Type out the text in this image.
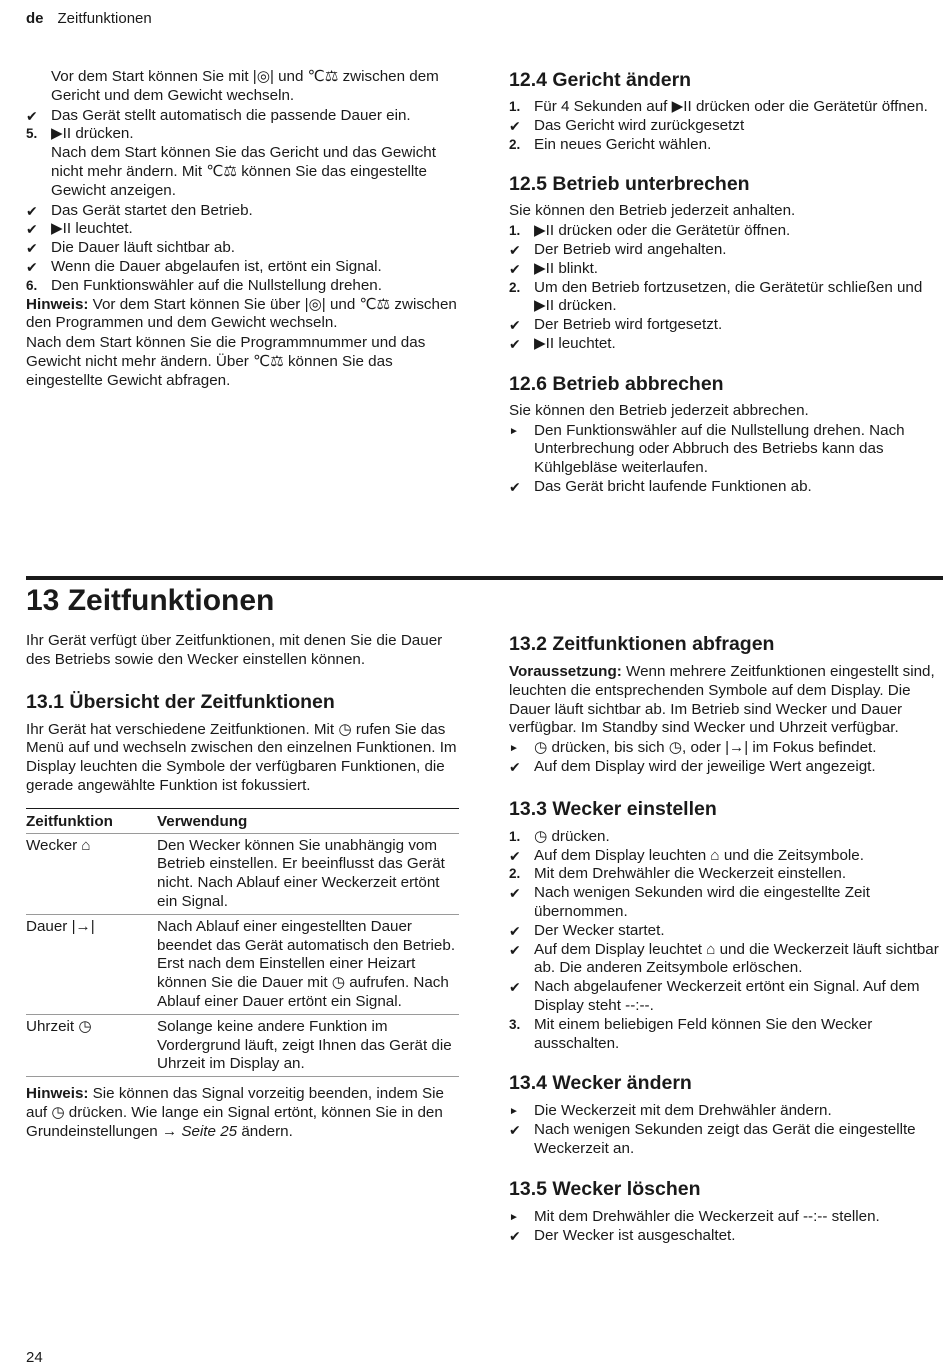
de Zeitfunktionen
Vor dem Start können Sie mit |◎| und ℃⚖ zwischen dem Gericht und dem Gewicht wechseln.
✔ Das Gerät stellt automatisch die passende Dauer ein.
5. ▶II drücken.
Nach dem Start können Sie das Gericht und das Gewicht nicht mehr ändern. Mit ℃⚖ können Sie das eingestellte Gewicht anzeigen.
✔ Das Gerät startet den Betrieb.
✔ ▶II leuchtet.
✔ Die Dauer läuft sichtbar ab.
✔ Wenn die Dauer abgelaufen ist, ertönt ein Signal.
6. Den Funktionswähler auf die Nullstellung drehen.
Hinweis: Vor dem Start können Sie über |◎| und ℃⚖ zwischen den Programmen und dem Gewicht wechseln.
Nach dem Start können Sie die Programmnummer und das Gewicht nicht mehr ändern. Über ℃⚖ können Sie das eingestellte Gewicht abfragen.
12.4 Gericht ändern
1. Für 4 Sekunden auf ▶II drücken oder die Gerätetür öffnen.
✔ Das Gericht wird zurückgesetzt
2. Ein neues Gericht wählen.
12.5 Betrieb unterbrechen
Sie können den Betrieb jederzeit anhalten.
1. ▶II drücken oder die Gerätetür öffnen.
✔ Der Betrieb wird angehalten.
✔ ▶II blinkt.
2. Um den Betrieb fortzusetzen, die Gerätetür schließen und ▶II drücken.
✔ Der Betrieb wird fortgesetzt.
✔ ▶II leuchtet.
12.6 Betrieb abbrechen
Sie können den Betrieb jederzeit abbrechen.
► Den Funktionswähler auf die Nullstellung drehen. Nach Unterbrechung oder Abbruch des Betriebs kann das Kühlgebläse weiterlaufen.
✔ Das Gerät bricht laufende Funktionen ab.
13 Zeitfunktionen

Ihr Gerät verfügt über Zeitfunktionen, mit denen Sie die Dauer des Betriebs sowie den Wecker einstellen können.

13.1 Übersicht der Zeitfunktionen

Ihr Gerät hat verschiedene Zeitfunktionen. Mit ◷ rufen Sie das Menü auf und wechseln zwischen den einzelnen Funktionen. Im Display leuchten die Symbole der verfügbaren Funktionen, die gerade angewählte Funktion ist fokussiert.

Zeitfunktion	Verwendung
Wecker ⌂	Den Wecker können Sie unabhängig vom Betrieb einstellen. Er beeinflusst das Gerät nicht. Nach Ablauf einer Weckerzeit ertönt ein Signal.
Dauer |→|	Nach Ablauf einer eingestellten Dauer beendet das Gerät automatisch den Betrieb. Erst nach dem Einstellen einer Heizart können Sie die Dauer mit ◷ aufrufen. Nach Ablauf einer Dauer ertönt ein Signal.
Uhrzeit ◷	Solange keine andere Funktion im Vordergrund läuft, zeigt Ihnen das Gerät die Uhrzeit im Display an.

Hinweis: Sie können das Signal vorzeitig beenden, indem Sie auf ◷ drücken. Wie lange ein Signal ertönt, können Sie in den Grundeinstellungen → Seite 25 ändern.

13.2 Zeitfunktionen abfragen

Voraussetzung: Wenn mehrere Zeitfunktionen eingestellt sind, leuchten die entsprechenden Symbole auf dem Display. Die Dauer läuft sichtbar ab. Im Betrieb sind Wecker und Dauer verfügbar. Im Standby sind Wecker und Uhrzeit verfügbar.

► ◷ drücken, bis sich ◷, oder |→| im Fokus befindet.
✔ Auf dem Display wird der jeweilige Wert angezeigt.
13.3 Wecker einstellen
1. ◷ drücken.
✔ Auf dem Display leuchten ⌂ und die Zeitsymbole.
2. Mit dem Drehwähler die Weckerzeit einstellen.
✔ Nach wenigen Sekunden wird die eingestellte Zeit übernommen.
✔ Der Wecker startet.
✔ Auf dem Display leuchtet ⌂ und die Weckerzeit läuft sichtbar ab. Die anderen Zeitsymbole erlöschen.
✔ Nach abgelaufener Weckerzeit ertönt ein Signal. Auf dem Display steht --:--.
3. Mit einem beliebigen Feld können Sie den Wecker ausschalten.
13.4 Wecker ändern
► Die Weckerzeit mit dem Drehwähler ändern.
✔ Nach wenigen Sekunden zeigt das Gerät die eingestellte Weckerzeit an.
13.5 Wecker löschen
► Mit dem Drehwähler die Weckerzeit auf --:-- stellen.
✔ Der Wecker ist ausgeschaltet.
24
